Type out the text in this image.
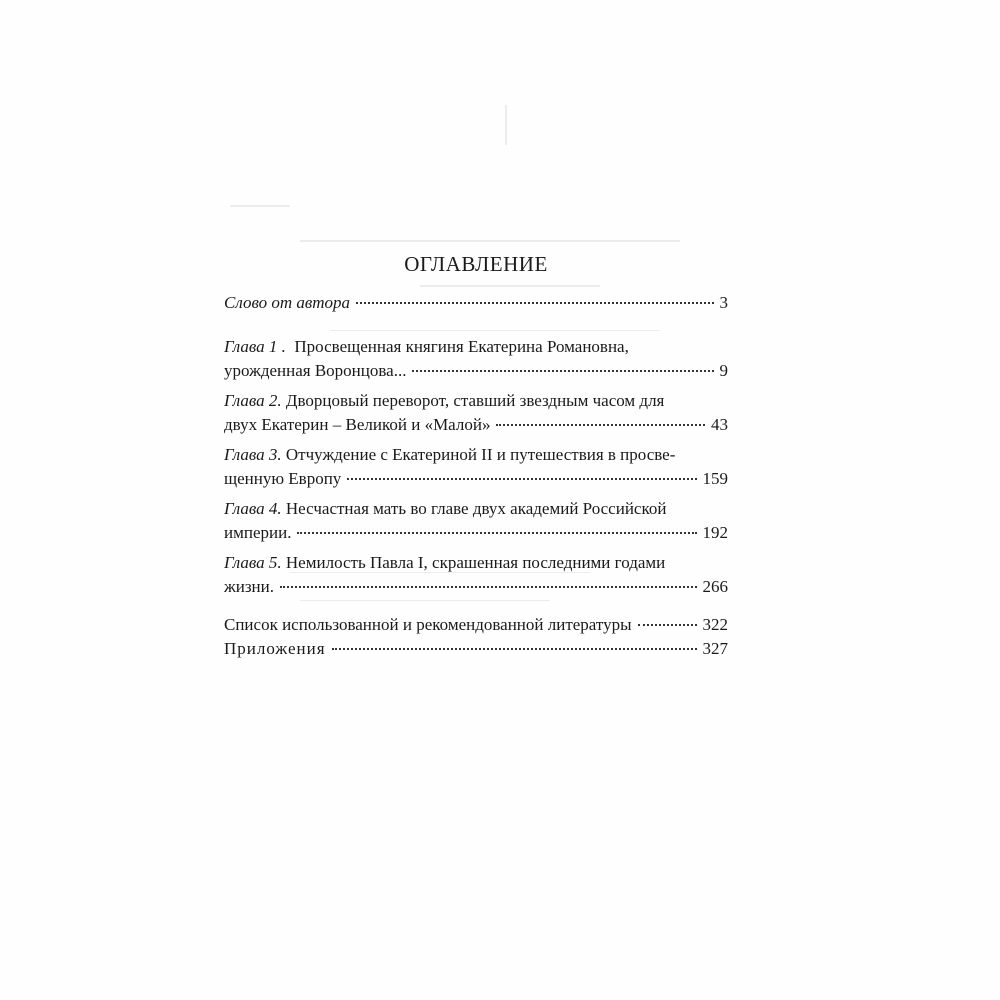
ОГЛАВЛЕНИЕ
Слово от автора	3
Глава 1 .
Просвещенная княгиня Екатерина Романовна,
урожденная Воронцова...	9
Глава 2.
Дворцовый переворот, ставший звездным часом для
двух Екатерин – Великой и «Малой»	43
Глава 3.
Отчуждение с Екатериной II и путешествия в просве-
щенную Европу	159
Глава 4.
Несчастная мать во главе двух академий Российской
империи.	192
Глава 5.
Немилость Павла I, скрашенная последними годами
жизни.	266
Список использованной и рекомендованной литературы	322
Приложения	327
